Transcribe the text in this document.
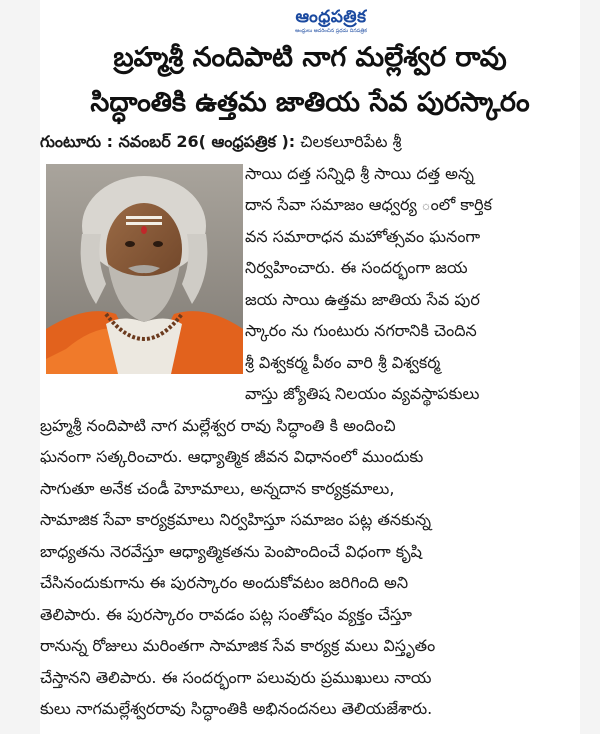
ఆంధ్రపత్రిక
ఆంధ్రులు ఆదరించిన ప్రథమ దినపత్రిక
బ్రహ్మశ్రీ నందిపాటి నాగ మల్లేశ్వర రావు
సిద్ధాంతికి ఉత్తమ జాతియ సేవ పురస్కారం
గుంటూరు : నవంబర్ 26( ఆంధ్రపత్రిక ): చిలకలూరిపేట శ్రీ
సాయి దత్త సన్నిధి శ్రీ సాయి దత్త అన్న
దాన సేవా సమాజం ఆధ్వర్య ంలో కార్తిక
వన సమారాధన మహోత్సవం ఘనంగా
నిర్వహించారు. ఈ సందర్భంగా జయ
జయ సాయి ఉత్తమ జాతియ సేవ పుర
స్కారం ను గుంటురు నగరానికి చెందిన
శ్రీ విశ్వకర్మ పీఠం వారి శ్రీ విశ్వకర్మ
వాస్తు జ్యోతిష నిలయం వ్యవస్థాపకులు
బ్రహ్మశ్రీ నందిపాటి నాగ మల్లేశ్వర రావు సిద్ధాంతి కి అందించి
ఘనంగా సత్కరించారు. ఆధ్యాత్మిక జీవన విధానంలో ముందుకు
సాగుతూ అనేక చండీ హెూమాలు, అన్నదాన కార్యక్రమాలు,
సామాజిక సేవా కార్యక్రమాలు నిర్వహిస్తూ సమాజం పట్ల తనకున్న
బాధ్యతను నెరవేస్తూ ఆధ్యాత్మికతను పెంపొందించే విధంగా కృషి
చేసినందుకుగాను ఈ పురస్కారం అందుకోవటం జరిగింది అని
తెలిపారు. ఈ పురస్కారం రావడం పట్ల సంతోషం వ్యక్తం చేస్తూ
రానున్న రోజులు మరింతగా సామాజిక సేవ కార్యక్ర మలు విస్తృతం
చేస్తానని తెలిపారు. ఈ సందర్భంగా పలువురు ప్రముఖులు నాయ
కులు నాగమల్లేశ్వరరావు సిద్ధాంతికి అభినందనలు తెలియజేశారు.
